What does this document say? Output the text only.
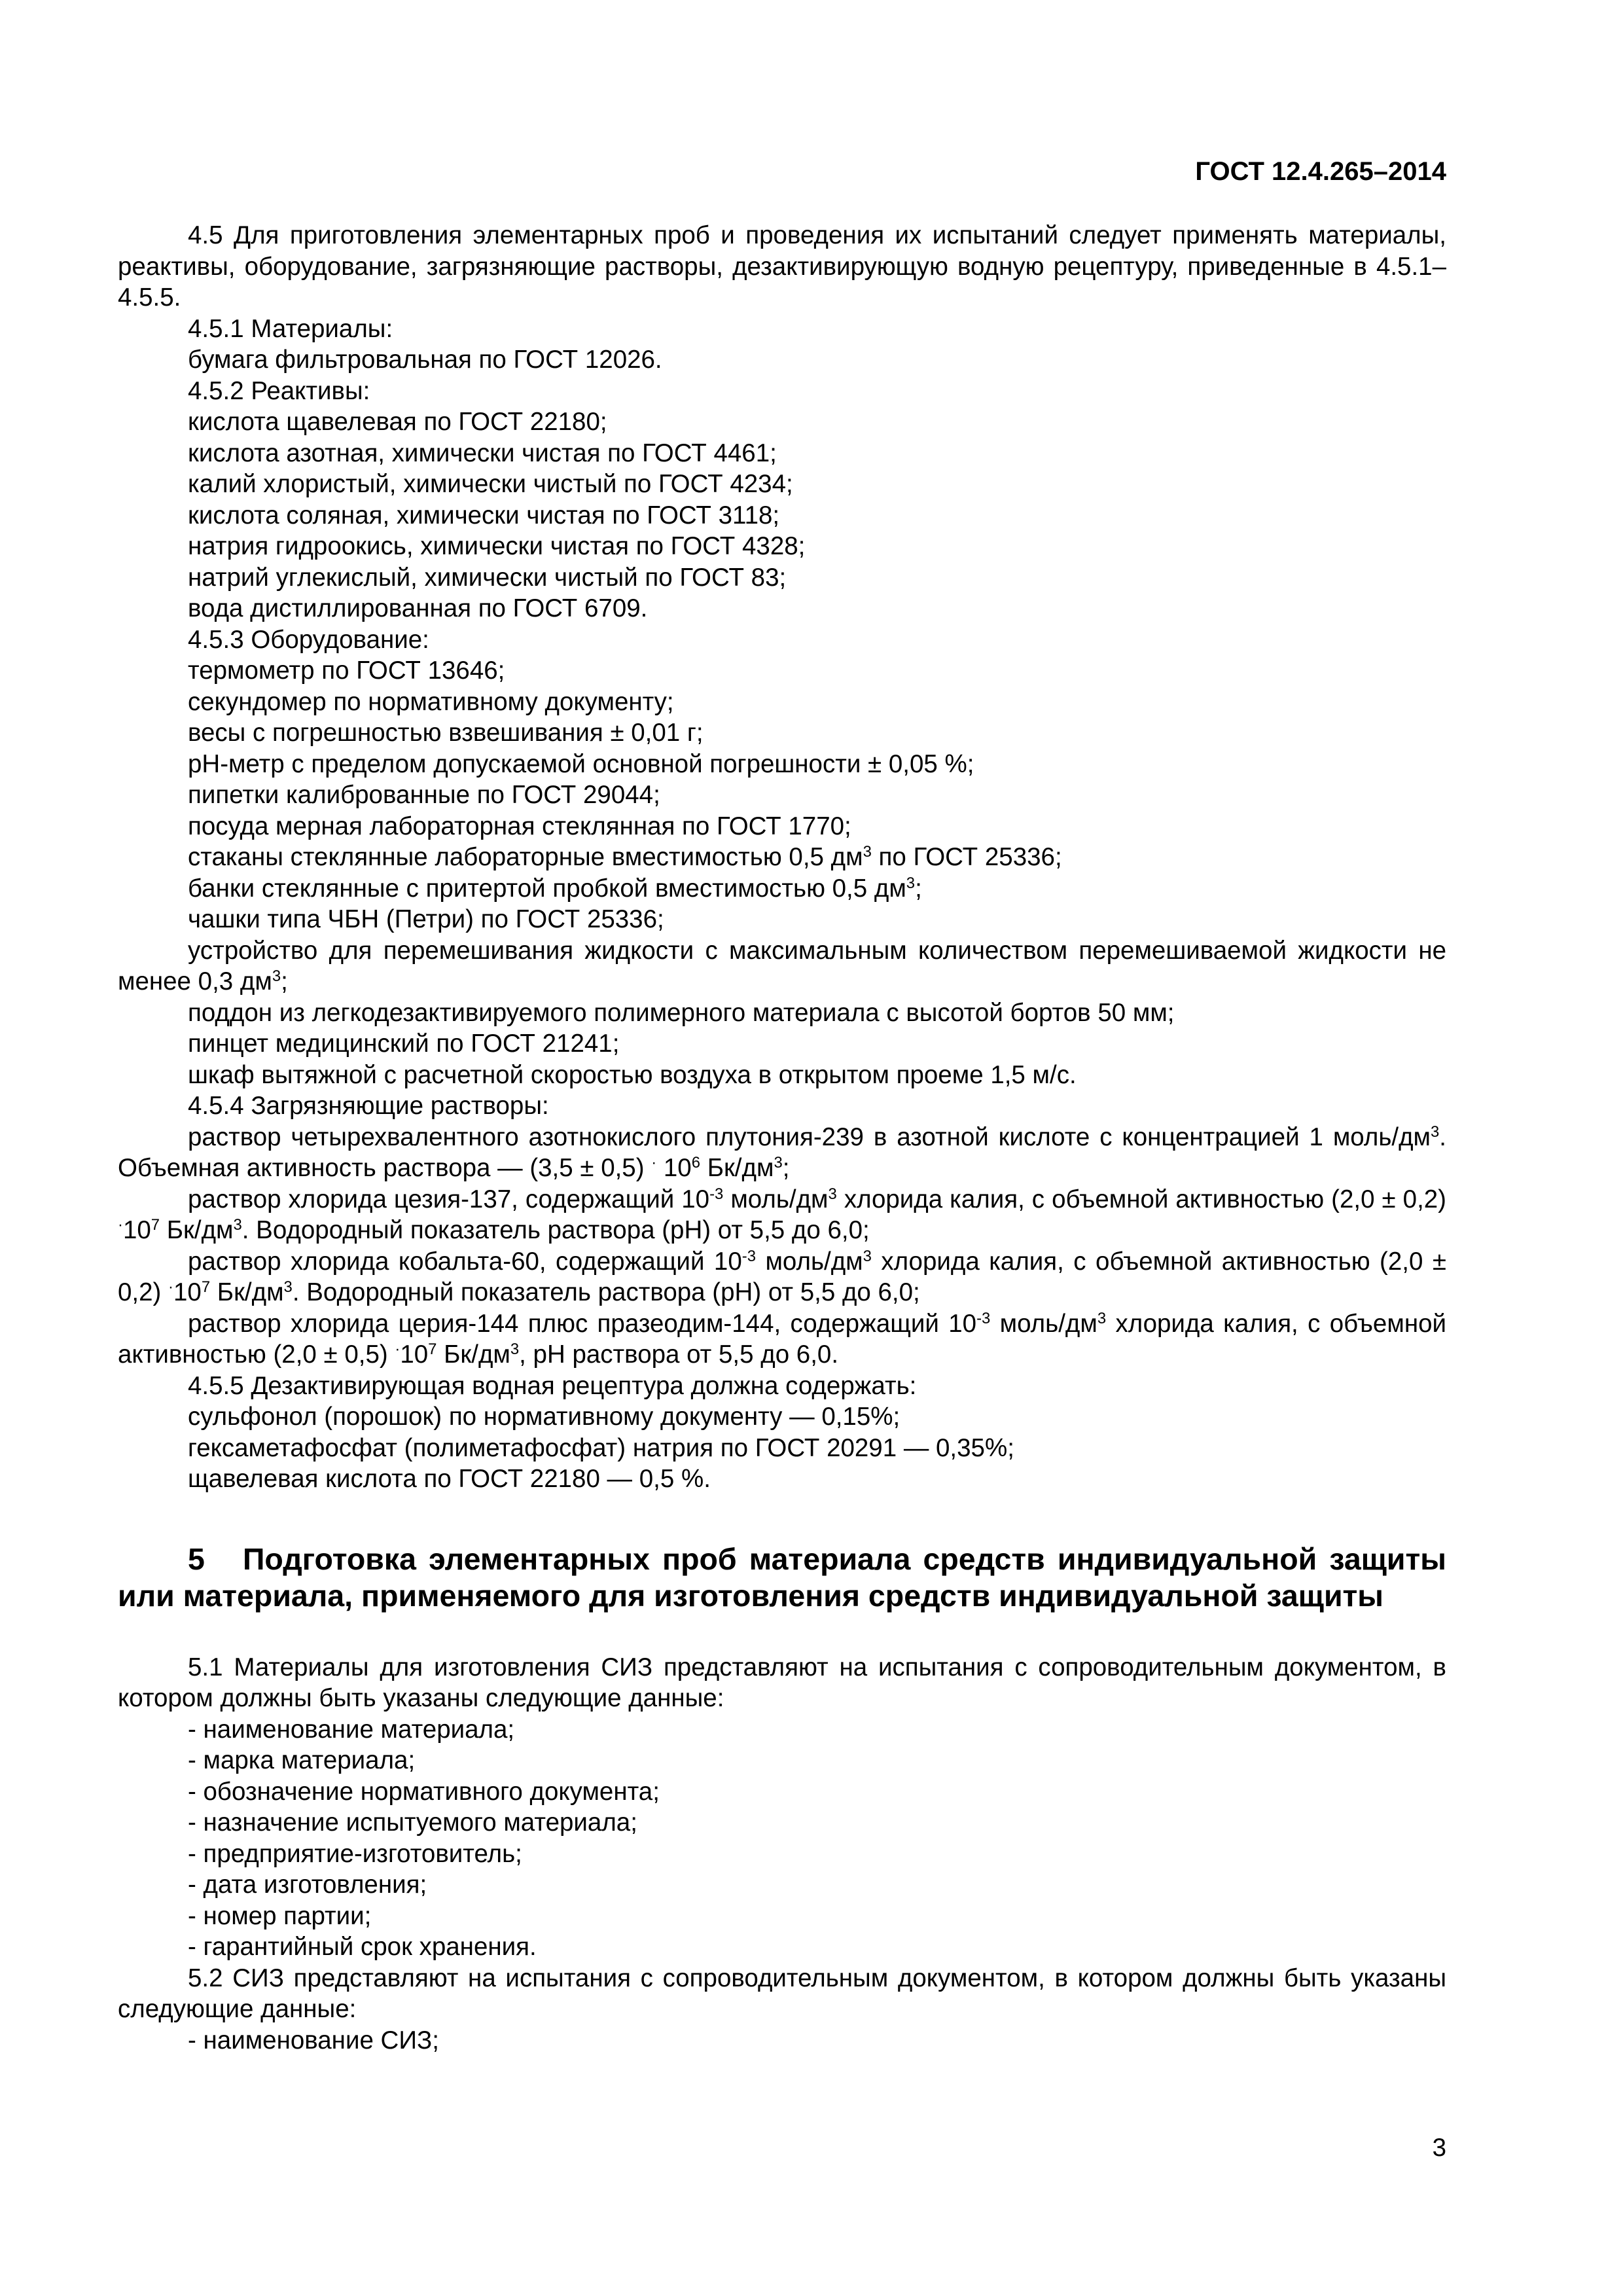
ГОСТ 12.4.265–2014

4.5 Для приготовления элементарных проб и проведения их испытаний следует применять материалы, реактивы, оборудование, загрязняющие растворы, дезактивирующую водную рецептуру, приведенные в 4.5.1–4.5.5.

4.5.1 Материалы:

бумага фильтровальная по ГОСТ 12026.

4.5.2 Реактивы:

кислота щавелевая по ГОСТ 22180;

кислота азотная, химически чистая по ГОСТ 4461;

калий хлористый, химически чистый по ГОСТ 4234;

кислота соляная, химически чистая по ГОСТ 3118;

натрия гидроокись, химически чистая по ГОСТ 4328;

натрий углекислый, химически чистый по ГОСТ 83;

вода дистиллированная по ГОСТ 6709.

4.5.3 Оборудование:

термометр по ГОСТ 13646;

секундомер по нормативному документу;

весы с погрешностью взвешивания ± 0,01 г;

рН-метр с пределом допускаемой основной погрешности ± 0,05 %;

пипетки калиброванные по ГОСТ 29044;

посуда мерная лабораторная стеклянная по ГОСТ 1770;

стаканы стеклянные лабораторные вместимостью 0,5 $дм^3$ по ГОСТ 25336;

банки стеклянные с притертой пробкой вместимостью 0,5 $дм^3$;

чашки типа ЧБН (Петри) по ГОСТ 25336;

устройство для перемешивания жидкости с максимальным количеством перемешиваемой жидкости не менее 0,3 $дм^3$;

поддон из легкодезактивируемого полимерного материала с высотой бортов 50 мм;

пинцет медицинский по ГОСТ 21241;

шкаф вытяжной с расчетной скоростью воздуха в открытом проеме 1,5 м/с.

4.5.4 Загрязняющие растворы:

раствор четырехвалентного азотнокислого плутония-239 в азотной кислоте с концентрацией 1 моль/$дм^3$. Объемная активность раствора — (3,5 ± 0,5) · $10^6$ $Бк/дм^3$;

раствор хлорида цезия-137, содержащий $10^{-3}$ моль/$дм^3$ хлорида калия, с объемной активностью (2,0 ± 0,2) $^\cdot 10^7$ $Бк/дм^3$. Водородный показатель раствора (рН) от 5,5 до 6,0;

раствор хлорида кобальта-60, содержащий $10^{-3}$ моль/$дм^3$ хлорида калия, с объемной активностью (2,0 ± 0,2) $^\cdot 10^7$ $Бк/дм^3$. Водородный показатель раствора (рН) от 5,5 до 6,0;

раствор хлорида церия-144 плюс празеодим-144, содержащий $10^{-3}$ моль/$дм^3$ хлорида калия, с объемной активностью (2,0 ± 0,5) $^\cdot 10^7$ $Бк/дм^3$, рН раствора от 5,5 до 6,0.

4.5.5 Дезактивирующая водная рецептура должна содержать:

сульфонол (порошок) по нормативному документу — 0,15%;

гексаметафосфат (полиметафосфат) натрия по ГОСТ 20291 — 0,35%;

щавелевая кислота по ГОСТ 22180 — 0,5 %.

5 Подготовка элементарных проб материала средств индивидуальной защиты или материала, применяемого для изготовления средств индивидуальной защиты

5.1 Материалы для изготовления СИЗ представляют на испытания с сопроводительным документом, в котором должны быть указаны следующие данные:

- наименование материала;

- марка материала;

- обозначение нормативного документа;

- назначение испытуемого материала;

- предприятие-изготовитель;

- дата изготовления;

- номер партии;

- гарантийный срок хранения.

5.2 СИЗ представляют на испытания с сопроводительным документом, в котором должны быть указаны следующие данные:

- наименование СИЗ;

3
